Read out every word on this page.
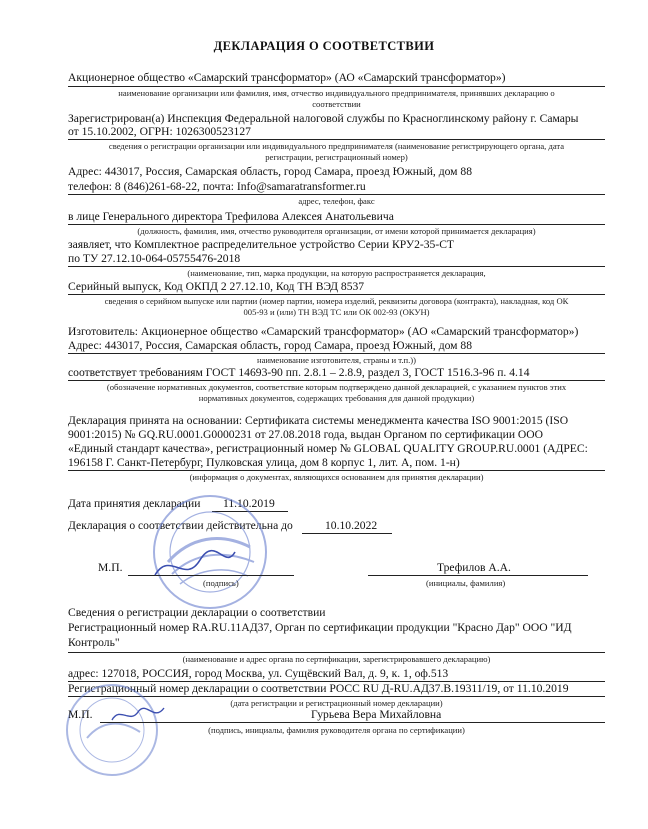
ДЕКЛАРАЦИЯ О СООТВЕТСТВИИ
Акционерное общество «Самарский трансформатор» (АО «Самарский трансформатор»)
наименование организации или фамилия, имя, отчество индивидуального предпринимателя, принявших декларацию о
соответствии
Зарегистрирован(а) Инспекция Федеральной налоговой службы по Красноглинскому району г. Самары
от 15.10.2002, ОГРН: 1026300523127
сведения о регистрации организации или индивидуального предпринимателя (наименование регистрирующего органа, дата
регистрации, регистрационный номер)
Адрес: 443017, Россия, Самарская область, город Самара, проезд Южный, дом 88
телефон: 8 (846)261-68-22, почта: Info@samaratransformer.ru
адрес, телефон, факс
в лице Генерального директора Трефилова Алексея Анатольевича
(должность, фамилия, имя, отчество руководителя организации, от имени которой принимается декларация)
заявляет, что Комплектное распределительное устройство Серии КРУ2-35-СТ
по ТУ 27.12.10-064-05755476-2018
(наименование, тип, марка продукции, на которую распространяется декларация,
Серийный выпуск, Код ОКПД 2 27.12.10, Код ТН ВЭД 8537
сведения о серийном выпуске или партии (номер партии, номера изделий, реквизиты договора (контракта), накладная, код ОК
005-93 и (или) ТН ВЭД ТС или ОК 002-93 (ОКУН)
Изготовитель: Акционерное общество «Самарский трансформатор» (АО «Самарский трансформатор»)
Адрес: 443017, Россия, Самарская область, город Самара, проезд Южный, дом 88
наименование изготовителя, страны и т.п.))
соответствует требованиям ГОСТ 14693-90 пп. 2.8.1 – 2.8.9, раздел 3, ГОСТ 1516.3-96 п. 4.14
(обозначение нормативных документов, соответствие которым подтверждено данной декларацией, с указанием пунктов этих
нормативных документов, содержащих требования для данной продукции)
Декларация принята на основании: Сертификата системы менеджмента качества ISO 9001:2015 (ISO
9001:2015) № GQ.RU.0001.G0000231 от 27.08.2018 года, выдан Органом по сертификации ООО
«Единый стандарт качества», регистрационный номер № GLOBAL QUALITY GROUP.RU.0001 (АДРЕС:
196158 Г. Санкт-Петербург, Пулковская улица, дом 8 корпус 1, лит. А, пом. 1-н)
(информация о документах, являющихся основанием для принятия декларации)
Дата принятия декларации 11.10.2019
Декларация о соответствии действительна до	10.10.2022
М.П.
(подпись)
Трефилов А.А.
(инициалы, фамилия)
Сведения о регистрации декларации о соответствии
Регистрационный номер RA.RU.11АД37, Орган по сертификации продукции "Красно Дар" ООО "ИД
Контроль"
(наименование и адрес органа по сертификации, зарегистрировавшего декларацию)
адрес: 127018, РОССИЯ, город Москва, ул. Сущёвский Вал, д. 9, к. 1, оф.513
Регистрационный номер декларации о соответствии РОСС RU Д-RU.АД37.В.19311/19, от 11.10.2019
(дата регистрации и регистрационный номер декларации)
М.П.	Гурьева Вера Михайловна
(подпись, инициалы, фамилия руководителя органа по сертификации)
